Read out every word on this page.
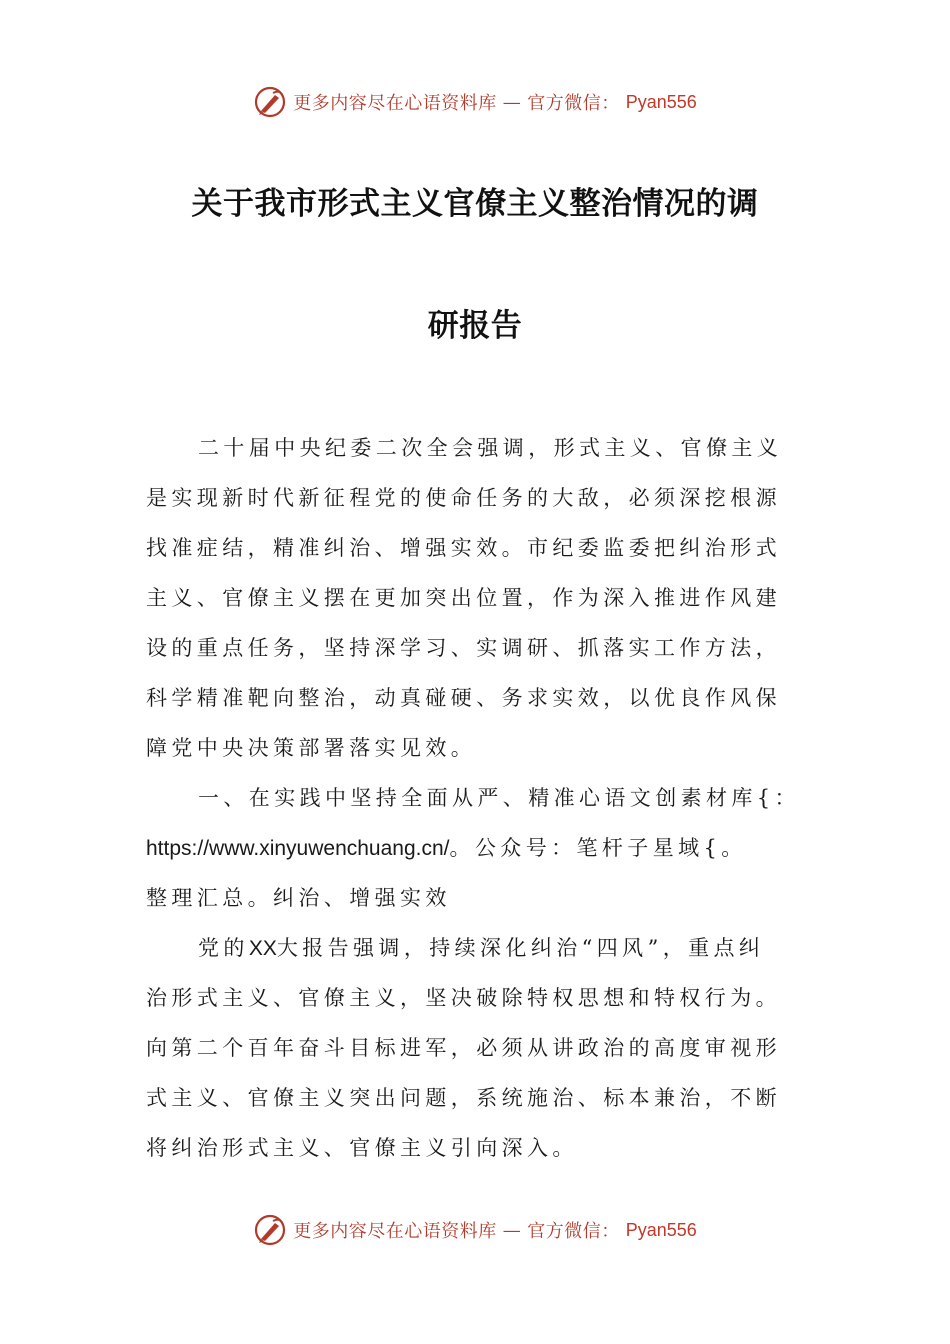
更多内容尽在心语资料库 — 官方微信： Pyan556
关于我市形式主义官僚主义整治情况的调
研报告
二十届中央纪委二次全会强调，形式主义、官僚主义
是实现新时代新征程党的使命任务的大敌，必须深挖根源
找准症结，精准纠治、增强实效。市纪委监委把纠治形式
主义、官僚主义摆在更加突出位置，作为深入推进作风建
设的重点任务，坚持深学习、实调研、抓落实工作方法，
科学精准靶向整治，动真碰硬、务求实效，以优良作风保
障党中央决策部署落实见效。
一、在实践中坚持全面从严、精准心语文创素材库{：
https://www.xinyuwenchuang.cn/。公众号：笔杆子星域{。
整理汇总。纠治、增强实效
党的XX大报告强调，持续深化纠治“四风”，重点纠
治形式主义、官僚主义，坚决破除特权思想和特权行为。
向第二个百年奋斗目标进军，必须从讲政治的高度审视形
式主义、官僚主义突出问题，系统施治、标本兼治，不断
将纠治形式主义、官僚主义引向深入。
更多内容尽在心语资料库 — 官方微信： Pyan556
